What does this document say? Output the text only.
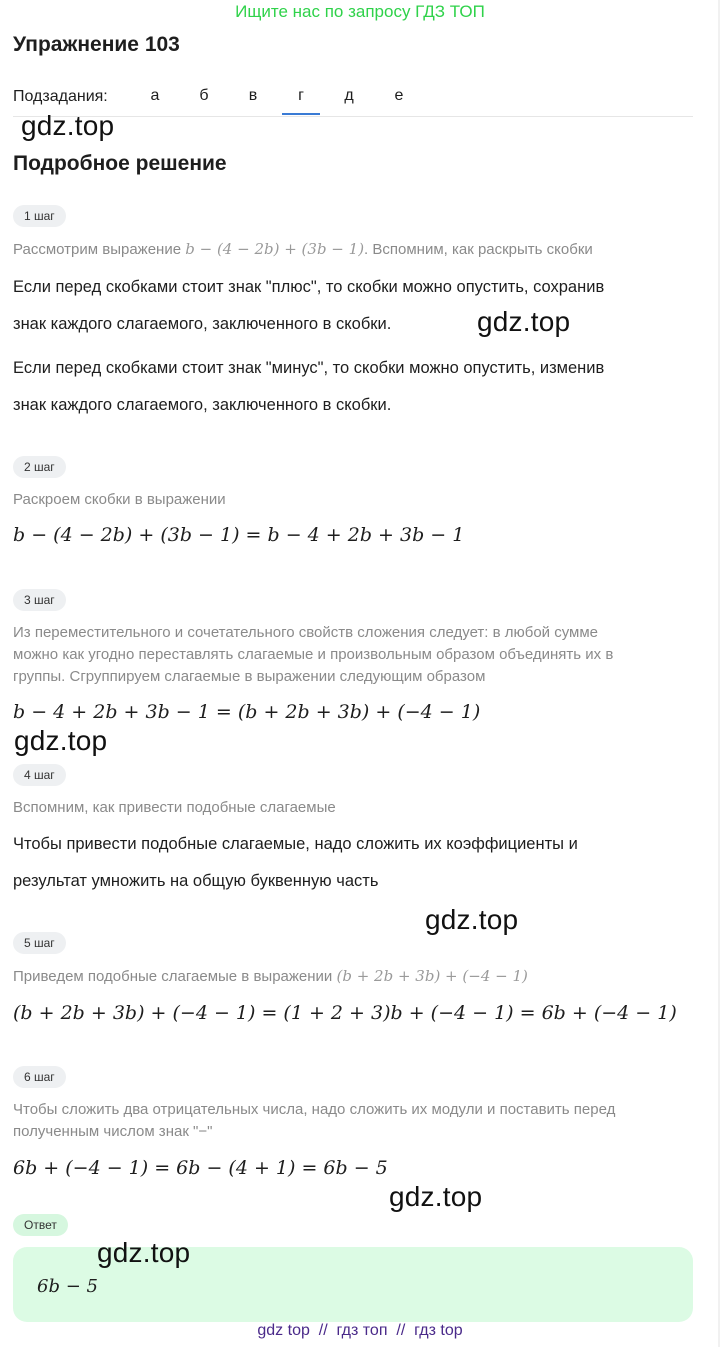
Ищите нас по запросу ГДЗ ТОП
Упражнение 103
Подзадания:	а	б	в	г	д	е
gdz.top
Подробное решение
1 шаг
Рассмотрим выражение b − (4 − 2b) + (3b − 1). Вспомним, как раскрыть скобки
Если перед скобками стоит знак "плюс", то скобки можно опустить, сохранив
знак каждого слагаемого, заключенного в скобки.	gdz.top
Если перед скобками стоит знак "минус", то скобки можно опустить, изменив
знак каждого слагаемого, заключенного в скобки.
2 шаг
Раскроем скобки в выражении
b − (4 − 2b) + (3b − 1) = b − 4 + 2b + 3b − 1
3 шаг
Из переместительного и сочетательного свойств сложения следует: в любой сумме
можно как угодно переставлять слагаемые и произвольным образом объединять их в
группы. Сгруппируем слагаемые в выражении следующим образом
b − 4 + 2b + 3b − 1 = (b + 2b + 3b) + (−4 − 1)
gdz.top
4 шаг
Вспомним, как привести подобные слагаемые
Чтобы привести подобные слагаемые, надо сложить их коэффициенты и
результат умножить на общую буквенную часть
gdz.top
5 шаг
Приведем подобные слагаемые в выражении (b + 2b + 3b) + (−4 − 1)
(b + 2b + 3b) + (−4 − 1) = (1 + 2 + 3)b + (−4 − 1) = 6b + (−4 − 1)
6 шаг
Чтобы сложить два отрицательных числа, надо сложить их модули и поставить перед
полученным числом знак "−"
6b + (−4 − 1) = 6b − (4 + 1) = 6b − 5
gdz.top
Ответ
6b − 5
gdz.top
gdz top  //  гдз топ  //  гдз top
